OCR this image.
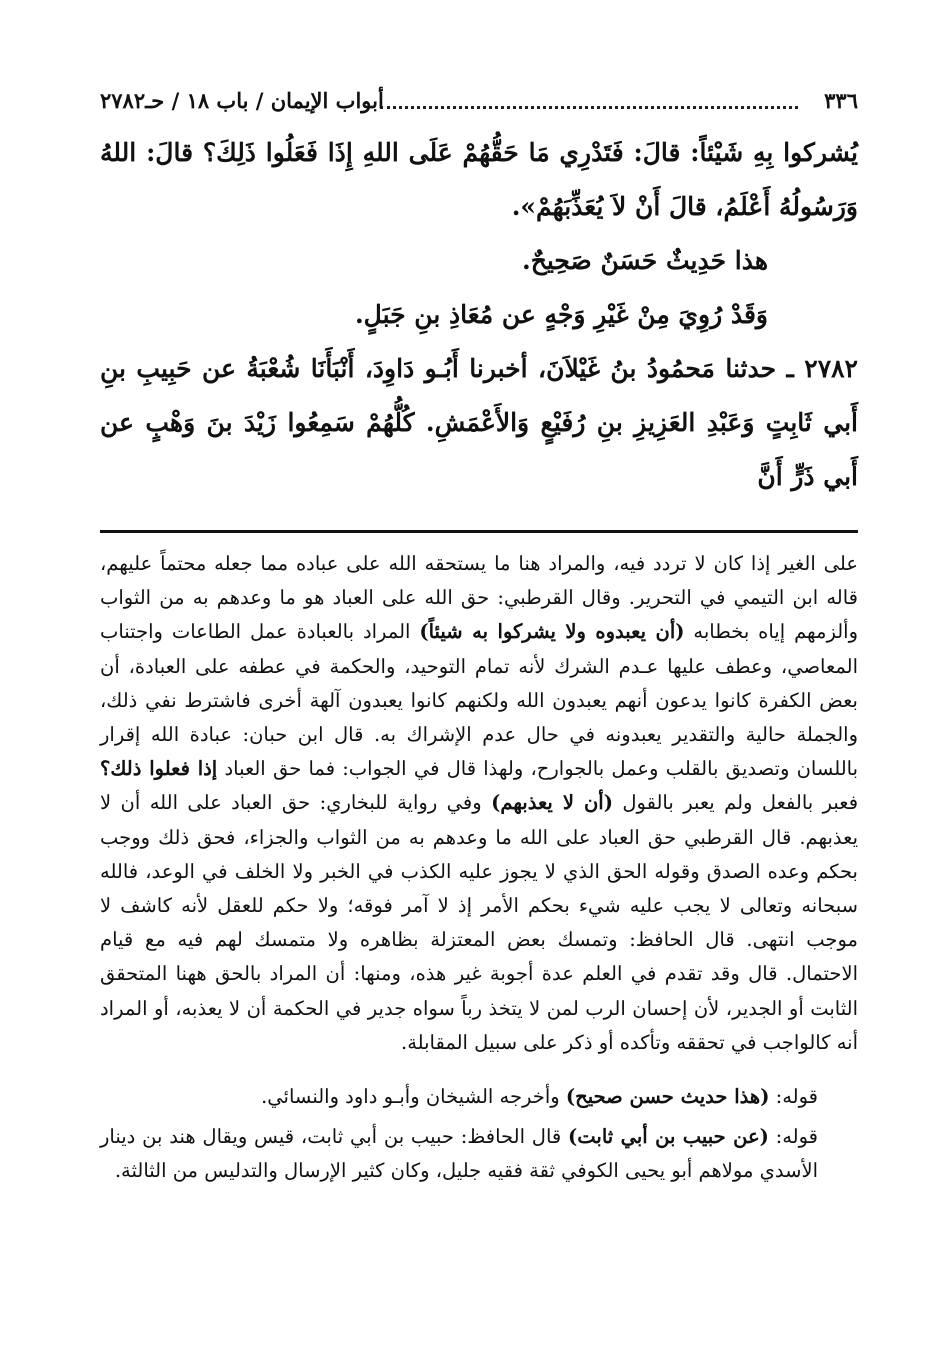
٣٣٦
أبواب الإيمان / باب ١٨ / حـ٢٧٨٢

يُشركوا بِهِ شَيْئاً: قالَ: فَتَدْرِي مَا حَقُّهُمْ عَلَى اللهِ إِذَا فَعَلُوا ذَلِكَ؟ قالَ: اللهُ وَرَسُولُهُ أَعْلَمُ، قالَ أَنْ لاَ يُعَذِّبَهُمْ».

هذا حَدِيثٌ حَسَنٌ صَحِيحٌ.

وَقَدْ رُوِيَ مِنْ غَيْرِ وَجْهٍ عن مُعَاذِ بنِ جَبَلٍ.

٢٧٨٢ ـ حدثنا مَحمُودُ بنُ غَيْلاَنَ، أخبرنا أَبُـو دَاوِدَ، أَنْبَأَنَا شُعْبَةُ عن حَبِيبِ بنِ أَبي ثَابِتٍ وَعَبْدِ العَزِيزِ بنِ رُفَيْعٍ وَالأَعْمَشِ. كُلُّهُمْ سَمِعُوا زَيْدَ بنَ وَهْبٍ عن أَبي ذَرٍّ أَنَّ

على الغير إذا كان لا تردد فيه، والمراد هنا ما يستحقه الله على عباده مما جعله محتماً عليهم، قاله ابن التيمي في التحرير. وقال القرطبي: حق الله على العباد هو ما وعدهم به من الثواب وألزمهم إياه بخطابه (أن يعبدوه ولا يشركوا به شيئاً) المراد بالعبادة عمل الطاعات واجتناب المعاصي، وعطف عليها عـدم الشرك لأنه تمام التوحيد، والحكمة في عطفه على العبادة، أن بعض الكفرة كانوا يدعون أنهم يعبدون الله ولكنهم كانوا يعبدون آلهة أخرى فاشترط نفي ذلك، والجملة حالية والتقدير يعبدونه في حال عدم الإشراك به. قال ابن حبان: عبادة الله إقرار باللسان وتصديق بالقلب وعمل بالجوارح، ولهذا قال في الجواب: فما حق العباد إذا فعلوا ذلك؟ فعبر بالفعل ولم يعبر بالقول (أن لا يعذبهم) وفي رواية للبخاري: حق العباد على الله أن لا يعذبهم. قال القرطبي حق العباد على الله ما وعدهم به من الثواب والجزاء، فحق ذلك ووجب بحكم وعده الصدق وقوله الحق الذي لا يجوز عليه الكذب في الخبر ولا الخلف في الوعد، فالله سبحانه وتعالى لا يجب عليه شيء بحكم الأمر إذ لا آمر فوقه؛ ولا حكم للعقل لأنه كاشف لا موجب انتهى. قال الحافظ: وتمسك بعض المعتزلة بظاهره ولا متمسك لهم فيه مع قيام الاحتمال. قال وقد تقدم في العلم عدة أجوبة غير هذه، ومنها: أن المراد بالحق ههنا المتحقق الثابت أو الجدير، لأن إحسان الرب لمن لا يتخذ رباً سواه جدير في الحكمة أن لا يعذبه، أو المراد أنه كالواجب في تحققه وتأكده أو ذكر على سبيل المقابلة.

قوله: (هذا حديث حسن صحيح) وأخرجه الشيخان وأبـو داود والنسائي.

قوله: (عن حبيب بن أبي ثابت) قال الحافظ: حبيب بن أبي ثابت، قيس ويقال هند بن دينار الأسدي مولاهم أبو يحيى الكوفي ثقة فقيه جليل، وكان كثير الإرسال والتدليس من الثالثة.
